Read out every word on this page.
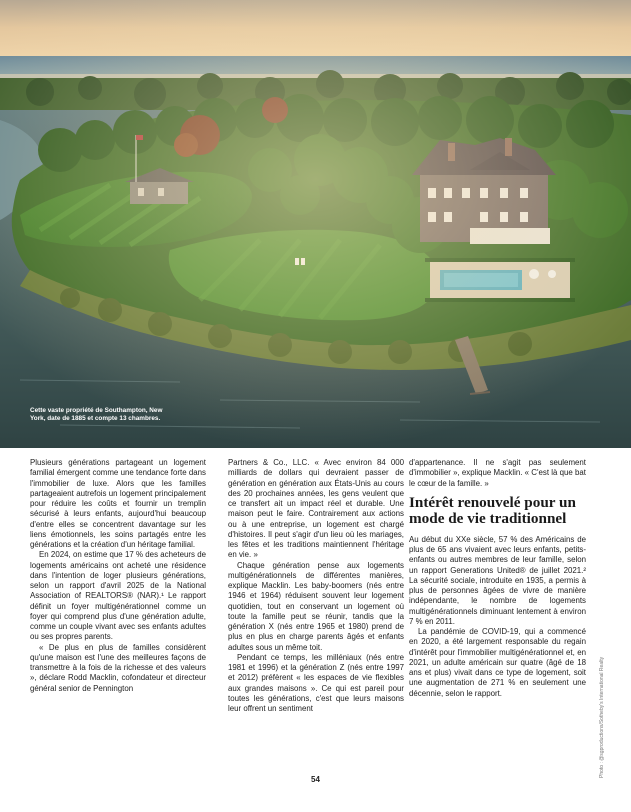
Cette vaste propriété de Southampton, New York, date de 1885 et compte 13 chambres.

Plusieurs générations partageant un logement familial émergent comme une tendance forte dans l'immobilier de luxe. Alors que les familles partageaient autrefois un logement principalement pour réduire les coûts et fournir un tremplin sécurisé à leurs enfants, aujourd'hui beaucoup d'entre elles se concentrent davantage sur les liens émotionnels, les soins partagés entre les générations et la création d'un héritage familial.

En 2024, on estime que 17 % des acheteurs de logements américains ont acheté une résidence dans l'intention de loger plusieurs générations, selon un rapport d'avril 2025 de la National Association of REALTORS® (NAR).¹ Le rapport définit un foyer multigénérationnel comme un foyer qui comprend plus d'une génération adulte, comme un couple vivant avec ses enfants adultes ou ses propres parents.

« De plus en plus de familles considèrent qu'une maison est l'une des meilleures façons de transmettre à la fois de la richesse et des valeurs », déclare Rodd Macklin, cofondateur et directeur général senior de Pennington

Partners & Co., LLC. « Avec environ 84 000 milliards de dollars qui devraient passer de génération en génération aux États-Unis au cours des 20 prochaines années, les gens veulent que ce transfert ait un impact réel et durable. Une maison peut le faire. Contrairement aux actions ou à une entreprise, un logement est chargé d'histoires. Il peut s'agir d'un lieu où les mariages, les fêtes et les traditions maintiennent l'héritage en vie. »

Chaque génération pense aux logements multigénérationnels de différentes manières, explique Macklin. Les baby-boomers (nés entre 1946 et 1964) réduisent souvent leur logement quotidien, tout en conservant un logement où toute la famille peut se réunir, tandis que la génération X (nés entre 1965 et 1980) prend de plus en plus en charge parents âgés et enfants adultes sous un même toit.

Pendant ce temps, les milléniaux (nés entre 1981 et 1996) et la génération Z (nés entre 1997 et 2012) préfèrent « les espaces de vie flexibles aux grandes maisons ». Ce qui est pareil pour toutes les générations, c'est que leurs maisons leur offrent un sentiment

d'appartenance. Il ne s'agit pas seulement d'immobilier », explique Macklin. « C'est là que bat le cœur de la famille. »

Intérêt renouvelé pour un mode de vie traditionnel

Au début du XXe siècle, 57 % des Américains de plus de 65 ans vivaient avec leurs enfants, petits-enfants ou autres membres de leur famille, selon un rapport Generations United® de juillet 2021.² La sécurité sociale, introduite en 1935, a permis à plus de personnes âgées de vivre de manière indépendante, le nombre de logements multigénérationnels diminuant lentement à environ 7 % en 2011.

La pandémie de COVID-19, qui a commencé en 2020, a été largement responsable du regain d'intérêt pour l'immobilier multigénérationnel et, en 2021, un adulte américain sur quatre (âgé de 18 ans et plus) vivait dans ce type de logement, soit une augmentation de 271 % en seulement une décennie, selon le rapport.	Photo : @sgproductions/Sotheby's International Realty
54
